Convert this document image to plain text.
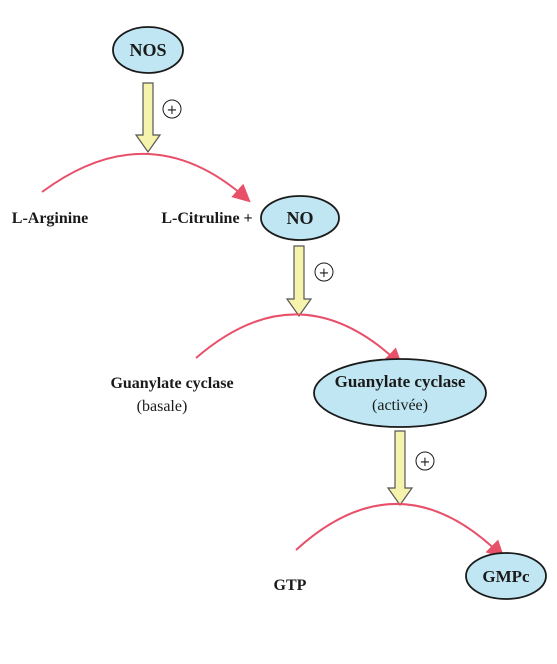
NOS
+
L-Arginine	L-Citruline + NO
+
Guanylate cyclase
(basale)
Guanylate cyclase
(activée)
+
GTP	GMPc
